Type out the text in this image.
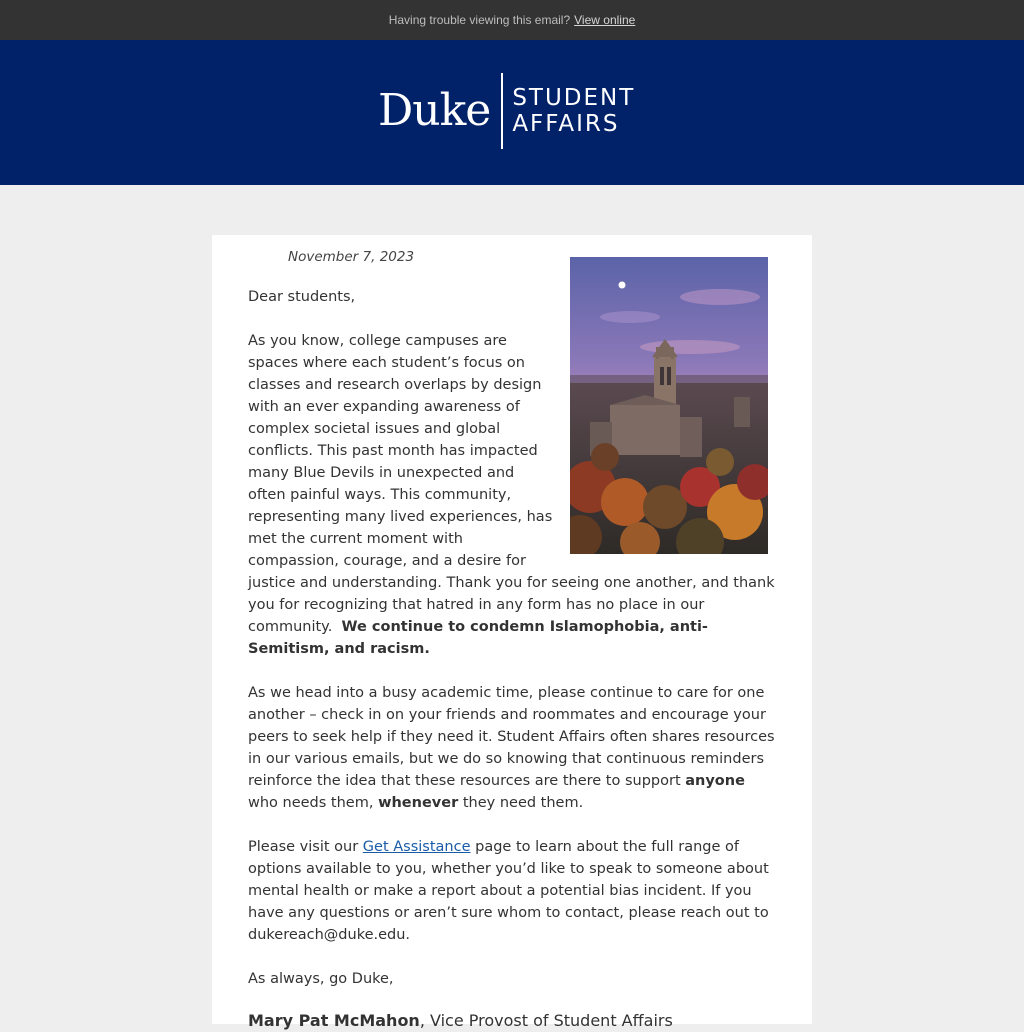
Having trouble viewing this email? View online
Duke STUDENT
AFFAIRS
November 7, 2023
Dear students,
As you know, college campuses are spaces where each student’s focus on classes and research overlaps by design with an ever expanding awareness of complex societal issues and global conflicts. This past month has impacted many Blue Devils in unexpected and often painful ways. This community, representing many lived experiences, has met the current moment with compassion, courage, and a desire for justice and understanding. Thank you for seeing one another, and thank you for recognizing that hatred in any form has no place in our community. We continue to condemn Islamophobia, anti-Semitism, and racism.
As we head into a busy academic time, please continue to care for one another – check in on your friends and roommates and encourage your peers to seek help if they need it. Student Affairs often shares resources in our various emails, but we do so knowing that continuous reminders reinforce the idea that these resources are there to support anyone who needs them, whenever they need them.
Please visit our Get Assistance page to learn about the full range of options available to you, whether you’d like to speak to someone about mental health or make a report about a potential bias incident. If you have any questions or aren’t sure whom to contact, please reach out to dukereach@duke.edu.
As always, go Duke,
Mary Pat McMahon, Vice Provost of Student Affairs
